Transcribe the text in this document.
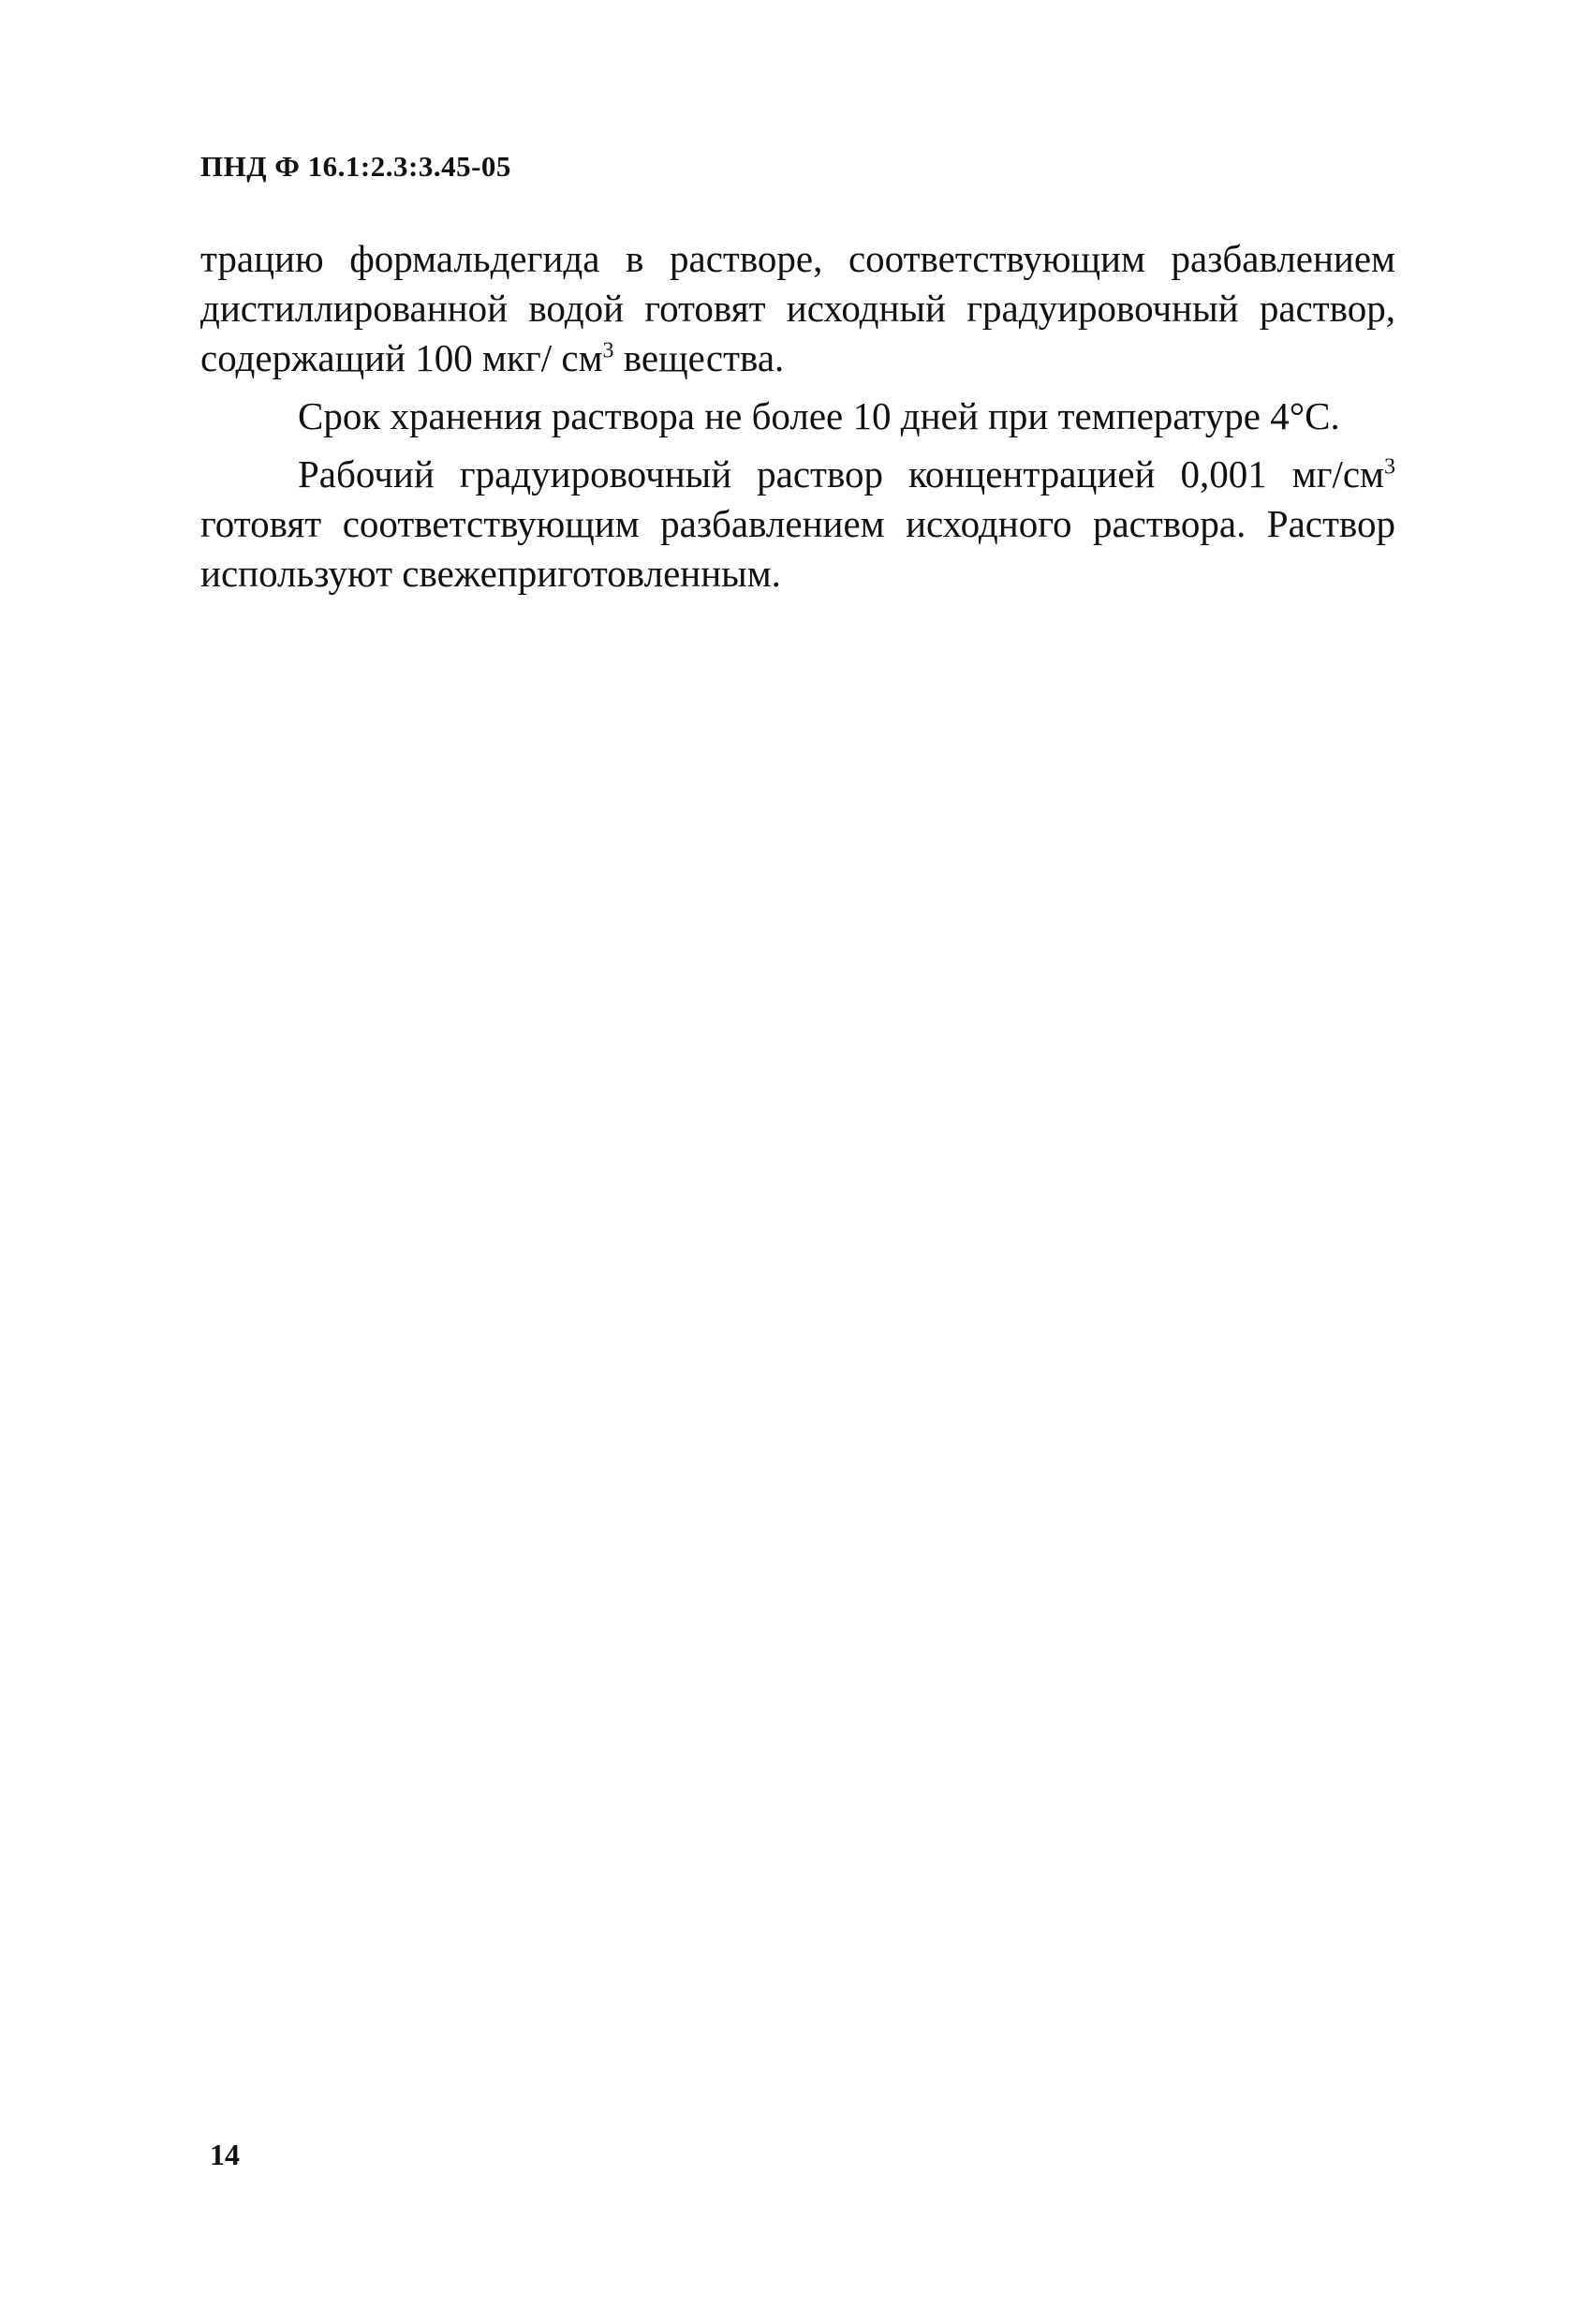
ПНД Ф 16.1:2.3:3.45-05

трацию формальдегида в растворе, соответствующим разбавлением дистиллированной водой готовят исходный градуировочный раствор, содержащий 100 мкг/ $см^3$ вещества.

Срок хранения раствора не более 10 дней при температуре 4°С.

Рабочий градуировочный раствор концентрацией 0,001 $мг/см^3$ готовят соответствующим разбавлением исходного раствора. Раствор используют свежеприготовленным.

14
